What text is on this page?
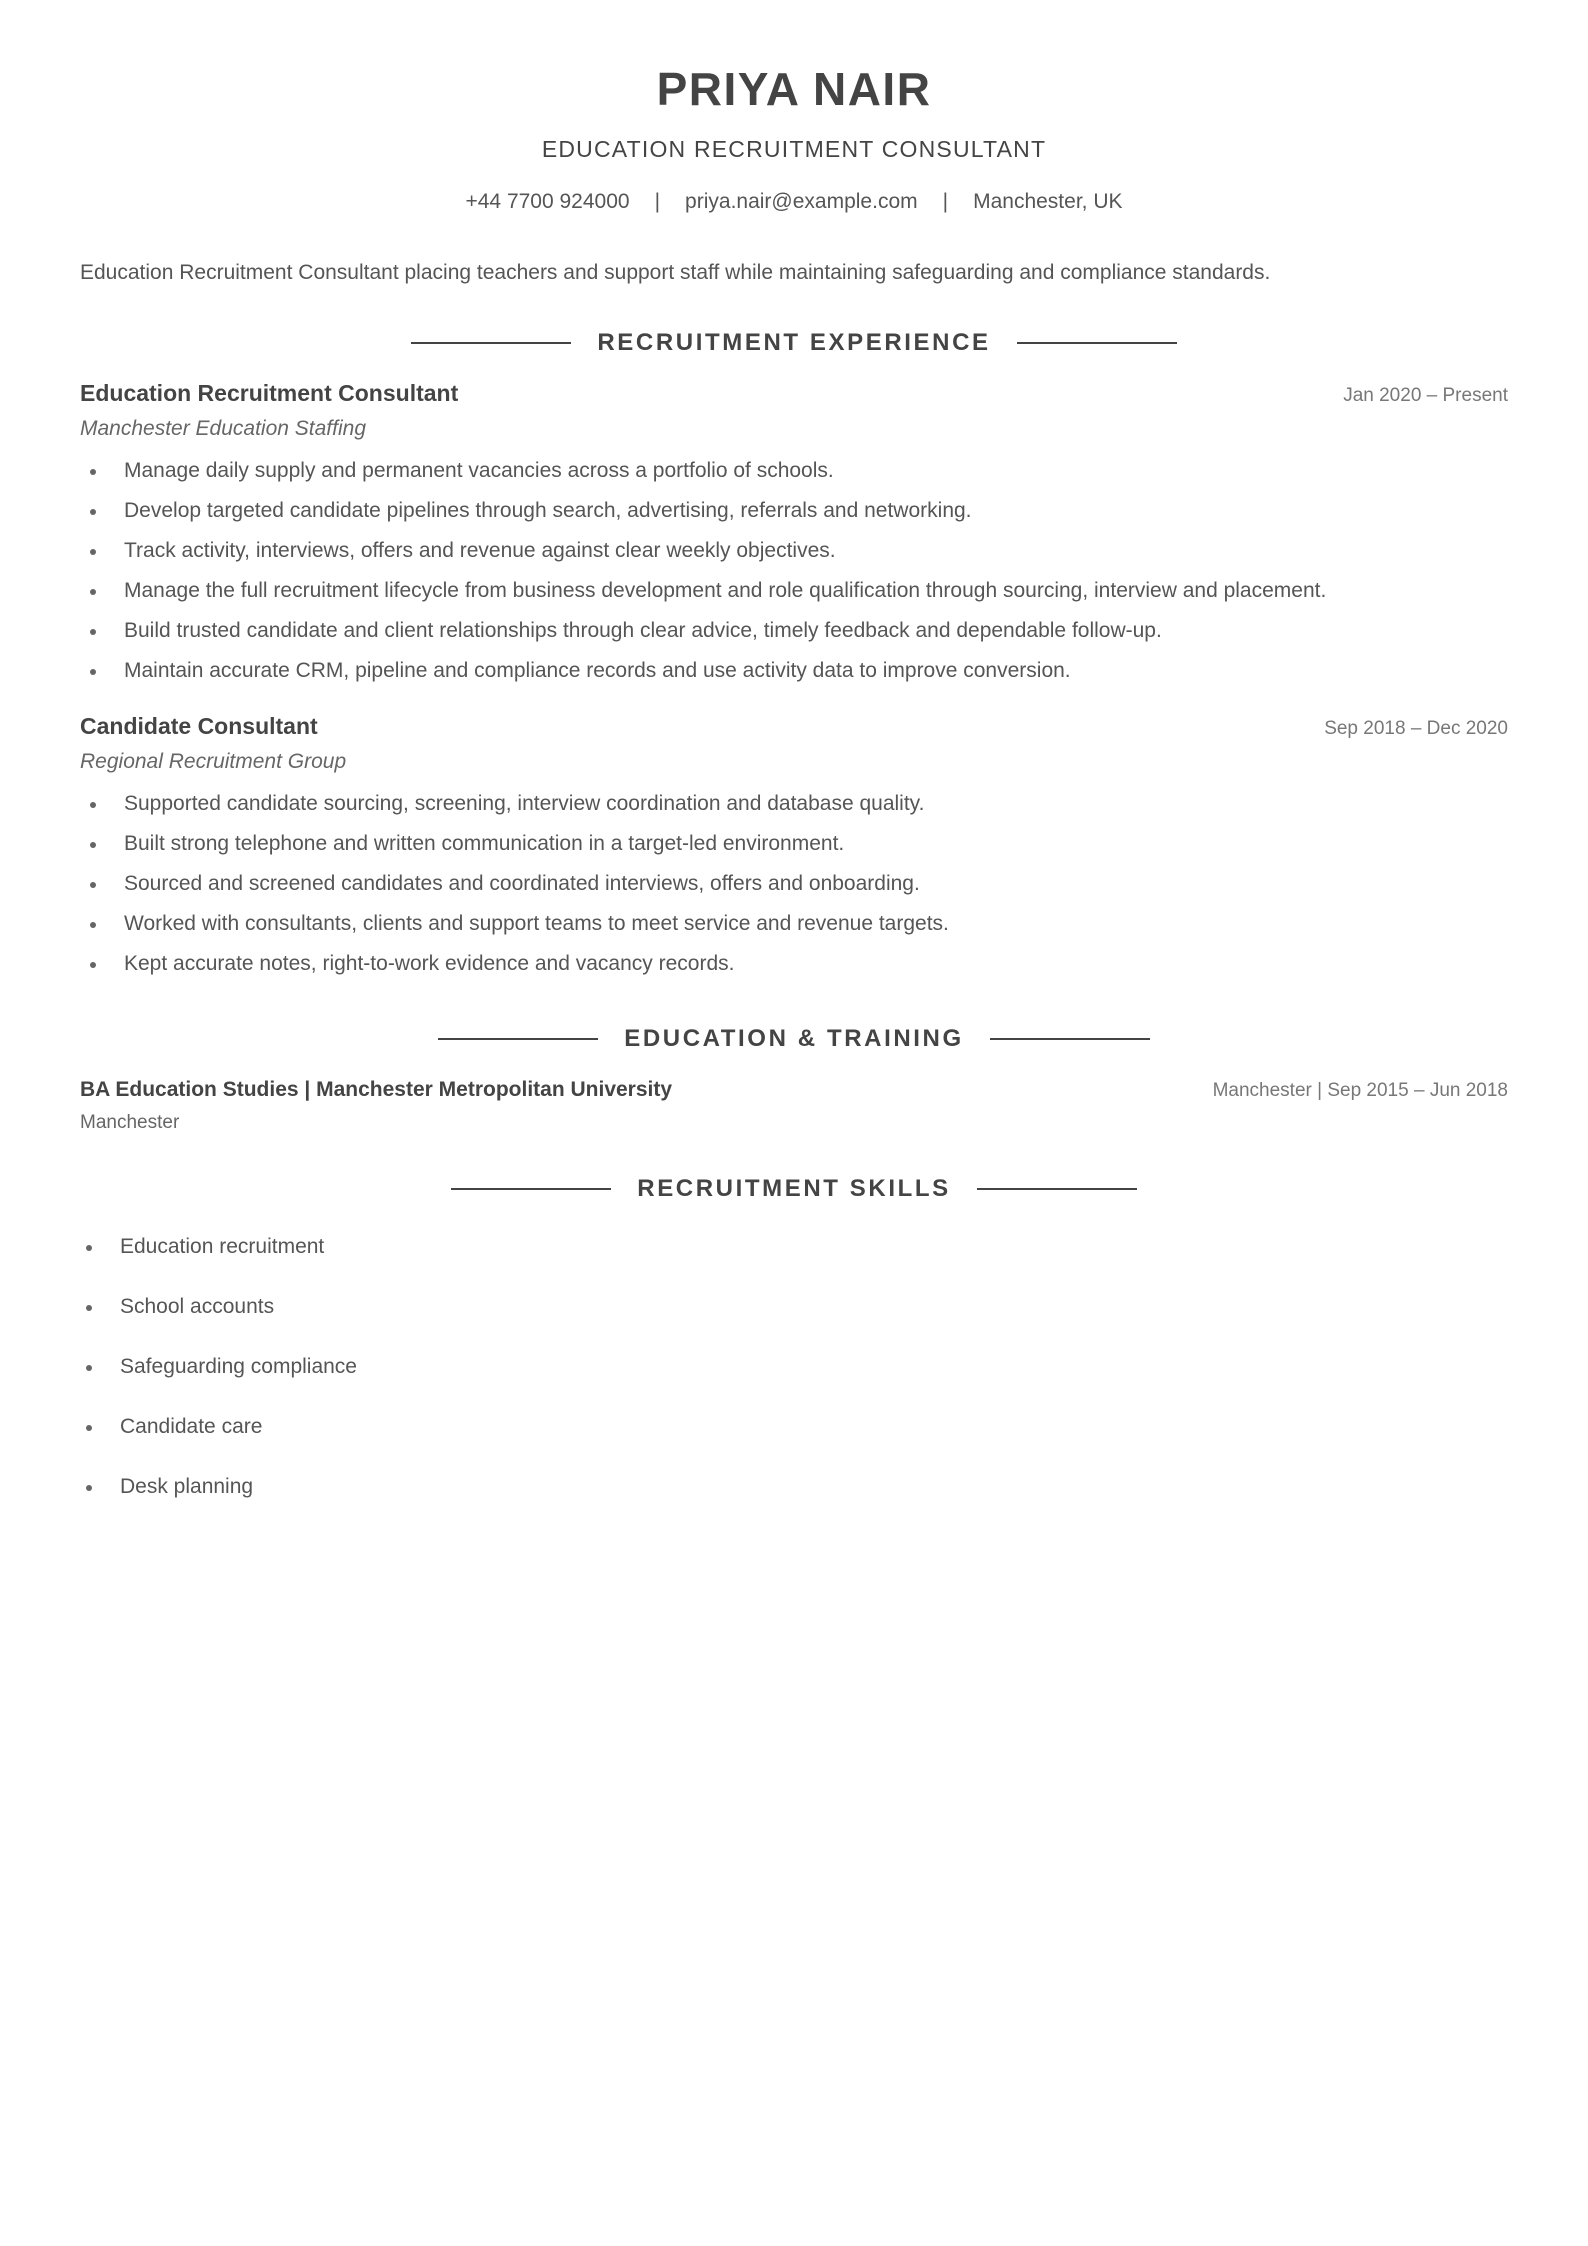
PRIYA NAIR
EDUCATION RECRUITMENT CONSULTANT
+44 7700 924000 | priya.nair@example.com | Manchester, UK
Education Recruitment Consultant placing teachers and support staff while maintaining safeguarding and compliance standards.
RECRUITMENT EXPERIENCE
Education Recruitment Consultant	Jan 2020 – Present
Manchester Education Staffing
Manage daily supply and permanent vacancies across a portfolio of schools.
Develop targeted candidate pipelines through search, advertising, referrals and networking.
Track activity, interviews, offers and revenue against clear weekly objectives.
Manage the full recruitment lifecycle from business development and role qualification through sourcing, interview and placement.
Build trusted candidate and client relationships through clear advice, timely feedback and dependable follow-up.
Maintain accurate CRM, pipeline and compliance records and use activity data to improve conversion.
Candidate Consultant	Sep 2018 – Dec 2020
Regional Recruitment Group
Supported candidate sourcing, screening, interview coordination and database quality.
Built strong telephone and written communication in a target-led environment.
Sourced and screened candidates and coordinated interviews, offers and onboarding.
Worked with consultants, clients and support teams to meet service and revenue targets.
Kept accurate notes, right-to-work evidence and vacancy records.
EDUCATION & TRAINING
BA Education Studies | Manchester Metropolitan University	Manchester | Sep 2015 – Jun 2018
Manchester
RECRUITMENT SKILLS
Education recruitment
School accounts
Safeguarding compliance
Candidate care
Desk planning
